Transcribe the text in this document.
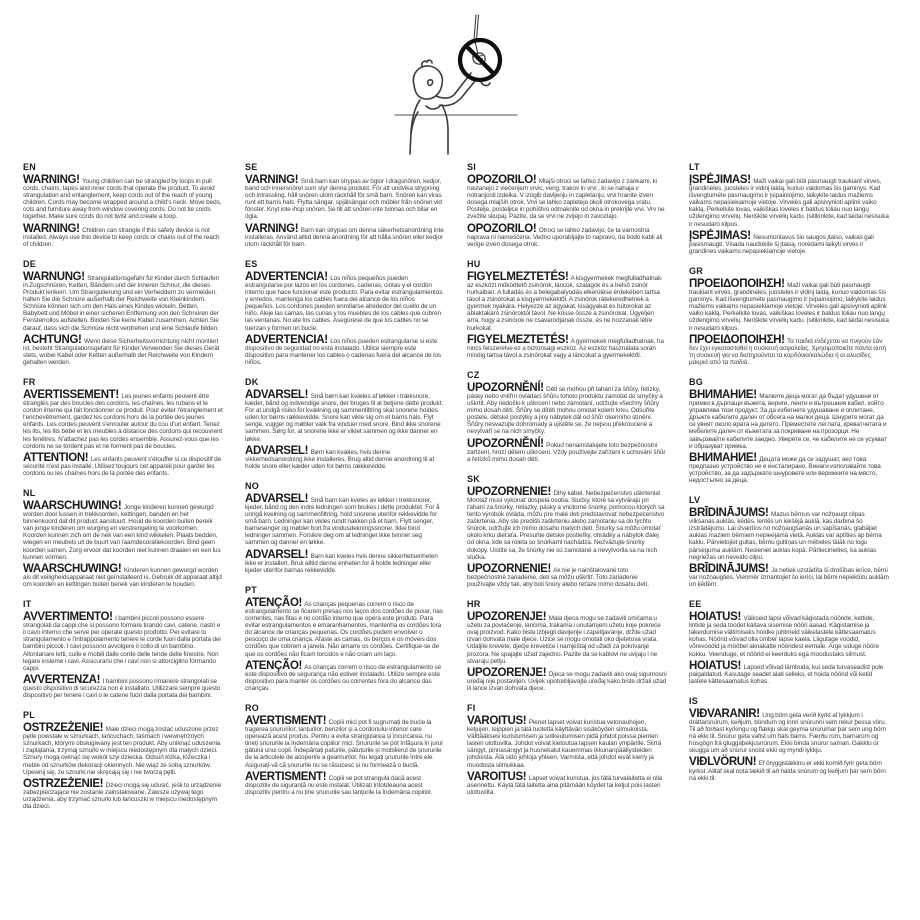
EN

WARNING! Young children can be strangled by loops in pull cords, chains, tapes and inner cords that operate the product. To avoid strangulation and entanglement, keep cords out of the reach of young children. Cords may become wrapped around a child's neck. Move beds, cots and furniture away from window covering cords. Do not tie cords together. Make sure cords do not twist and create a loop.

WARNING! Children can strangle if this safety device is not installed. Always use this device to keep cords or chains out of the reach of children.

DE

WARNUNG! Strangulationsgefahr für Kinder durch Schlaufen in Zugschnüren, Ketten, Bändern und der inneren Schnur, die dieses Produkt lenken!. Um Strangulierung und ein Verheddern zu vermeiden, halten Sie die Schnüre außerhalb der Reichweite von Kleinkindern. Schnüre können sich um den Hals eines Kindes wickeln. Betten, Babybett und Möbel in einer sicheren Entfernung von den Schnüren der Fensterrollos aufstellen. Binden Sie keine Kabel zusammen. Achten Sie darauf, dass sich die Schnüre nicht verdrehen und eine Schlaufe bilden.

ACHTUNG! Wenn diese Sicherheitsvorrichtung nicht montiert ist, besteht Strangulationsgefahr für Kinder.Verwenden Sie dieses Gerät stets, wobei Kabel oder Ketten außerhalb der Reichweite von Kindern gehalten werden.

FR

AVERTISSEMENT! Les jeunes enfants peuvent être étranglés par des boucles des cordons, les chaînes, les rubans et le cordon interne qui fait fonctionner ce produit. Pour éviter l'étranglement et l'enchevêtrement, gardez les cordons hors de la portée des jeunes enfants. Les cordes peuvent s'enrouler autour du cou d'un enfant. Tenez les lits, les lits bébé et les meubles à distance des cordons qui recouvrent les fenêtres. N'attachez pas les cordes ensemble. Assurez-vous que les cordons ne se tordent pas et ne forment pas de boucles.

ATTENTION! Les enfants peuvent s'étouffer si ce dispositif de sécurité n'est pas installé. Utilisez toujours cet appareil pour garder les cordons ou les chaînes hors de la portée des enfants.

NL

WAARSCHUWING! Jonge kinderen kunnen gewurgd worden door lussen in trekkoorden, kettingen, banden en het binnenkoord dat dit product aanstuurt. Houd de koorden buiten bereik van jonge kinderen om wurging en verstrengeling te voorkomen. Koorden kunnen zich om de nek van een kind wikkelen. Plaats bedden, wiegen en meubels uit de buurt van raamdecoratiekoorden. Bind geen koorden samen. Zorg ervoor dat koorden niet kunnen draaien en een lus kunnen vormen.

WAARSCHUWING! Kinderen kunnen gewurgd worden als dit veiligheidsapparaat niet geïnstalleerd is. Gebruik dit apparaat altijd om koorden en kettingen buiten bereik van kinderen te houden.

IT

AVVERTIMENTO! I bambini piccoli possono essere strangolati da cappi che si possono formare tirando cavi, catene, nastri e il cavo interno che serve per operate questo prodotto. Per evitare lo strangolamento e l'intrappolamento tenere le corde fuori dalla portata dei bambini piccoli. I cavi possono avvolgere il collo di un bambino. Allontanare letti, culle e mobili dalle corde delle tende delle finestre. Non legare insieme i cavi. Assicurarsi che i cavi non si attorciglino formando cappi.

AVVERTENZA! I bambini possono rimanere strangolati se questo dispositivo di sicurezza non è installato. Utilizzare sempre questo dispositivo per tenere i cavi o le catene fuori dalla portata dei bambini.

PL

OSTRZEŻENIE! Małe dzieci mogą zostać uduszone przez pętle powstałe w sznurkach, łańcuchach, taśmach i wewnętrznych sznurkach, którymi obsługiwany jest ten produkt. Aby uniknąć uduszenia i zaplątania, trzymaj sznurki w miejscu niedostępnym dla małych dzieci. Sznury mogą owinąć się wokół szyi dziecka. Odsuń łóżka, łóżeczka i meble od sznurków dekoracji okiennych. Nie wiąż ze sobą sznurków. Upewnij się, że sznurki nie skręcają się i nie tworzą pętli.

OSTRZEŻENIE! Dzieci mogą się udusić, jeśli to urządzenie zabezpieczające nie zostanie zainstalowane. Zawsze używaj tego urządzenia, aby trzymać sznurki lub łańcuszki w miejscu niedostępnym dla dzieci.

SE

VARNING! Små barn kan strypas av öglor i dragsnören, kedjor, band och innersnöret som styr denna produkt. För att undvika strypning och intrassling, håll snören utom räckhåll för små barn. Snören kan viras runt ett barns hals. Flytta sängar, spjälsängar och möbler från snören vid fönster. Knyt inte ihop snören. Se till att snören inte tvinnas och bilar en ögla.

VARNING! Barn kan strypas om denna säkerhetsanordning inte installeras. Använd alltid denna anordning för att hålla snören eller kedjor utom räckhåll för barn.

ES

ADVERTENCIA! Los niños pequeños pueden estrangularse por lazos en los cordones, cadenas, cintas y el cordón interno que hace funcionar este producto. Para evitar estrangulamientos y enredos, mantenga los cables fuera del alcance de los niños pequeños. Los cordones pueden enrollarse alrededor del cuello de un niño. Aleje las camas, las cunas y los muebles de los cables que cubren las ventanas. No ate los cables. Asegúrese de que los cables no se tuerzan y formen un bucle.

ADVERTENCIA! Los niños pueden estrangularse si este dispositivo de seguridad no está instalado. Utilice siempre este dispositivo para mantener los cables o cadenas fuera del alcance de los niños.

DK

ADVARSEL! Små børn kan kvæles af løkker i træksnore, kæder, bånd og indvendige snore, der bruges til at betjene dette produkt. For at undgå risiko for kvælning og sammenfiltring skal snorene holdes uden for børns rækkevidde. Snore kan vikle sig om et barns hals. Flyt senge, vugger og møbler væk fra vinduer med snore. Bind ikke snorene sammen. Sørg for, at snorene ikke er viklet sammen og ikke danner en løkke.

ADVARSEL! Børn kan kvæles, hvis denne sikkerhedsanordning ikke installeres. Brug altid denne anordning til at holde snore eller kæder uden for børns rækkevidde.

NO

ADVARSEL! Små barn kan kveles av løkker i trekksnorer, kjeder, bånd og den indre ledningen som brukes i dette produktet. For å unngå kvelning og sammenfiltring, hold snorene utenfor rekkevidde for små barn. Ledninger kan vikles rundt nakken på et barn. Flytt senger, barnesenger og møbler bort fra vindusdekningssnorer. Ikke bind ledninger sammen. Forsikre deg om at ledninger ikke tvinner seg sammen og danner en løkke.

ADVARSEL! Barn kan kveles hvis denne sikkerhetsenheten ikke er installert. Bruk alltid denne enheten for å holde ledninger eller kjeder utenfor barnas rekkevidde.

PT

ATENÇÃO! As crianças pequenas correm o risco de estrangulamento se ficarem presas nos laços dos cordões de puxar, nas correntes, nas fitas e no cordão interno que opera este produto. Para evitar estrangulamentos e emaranhamentos, mantenha os cordões fora do alcance de crianças pequenas. Os cordões podem envolver o pescoço de uma criança. Afaste as camas, os berços e os móveis dos cordões que cobrem a janela. Não amarre os cordões. Certifique-se de que os cordões não ficam torcidos e não criam um laço.

ATENÇÃO! As crianças correm o risco de estrangulamento se este dispositivo de segurança não estiver instalado. Utilize sempre este dispositivo para manter os cordões ou correntes fora do alcance das crianças.

RO

AVERTISMENT! Copiii mici pot fi sugrumați de bucle la tragerea șnururilor, lanțurilor, benzilor și a cordonului interior care operează acest produs. Pentru a evita strangularea și încurcarea, nu țineți șnururile la îndemâna copiilor mici. Șnururile se pot înfășura în jurul gâtului unui copil. Îndepărtați paturile, pătuțurile și mobilierul de șnururile de la articolele de acoperire a geamurilor. Nu legați șnururile între ele. Asigurați-vă că șnururile nu se răsucesc și nu formează o buclă.

AVERTISMENT! Copiii se pot strangula dacă acest dispozitiv de siguranță nu este instalat. Utilizați întotdeauna acest dispozitiv pentru a nu ține șnururile sau lanțurile la îndemâna copiilor.

SI

OPOZORILO! Mlajši otroci se lahko zadavijo z zankami, ki nastanejo z vlečenjem vrvic, verig, trakov in vrvi , ki se nahaja v notranjosti izdelka. V izogib davljenju in zapletanju, vrvi hranite izven dosega mlajših otrok. Vrvi se lahko zapletejo okoli otrokovega vratu. Postelje, posteljice in pohištvo odmaknite od okna in prekrijte vrvi. Vrv ne zvežite skupaj. Pazite, da se vrvi ne zvijejo in zavozlajo.

OPOZORILO! Otroci se lahko zadavijo, če ta varnostna naprava ni nameščena. Vedno uporabljajte to napravo, da bodo kabli ali verige izven dosega otrok.

HU

FIGYELMEZTETÉS! A kisgyermekek megfulladhatnak az eszközt működtető zsinórok, láncok, szalagok és a belső zsinór hurkaiban. A fulladás és a belegabalyodás elkerülése érdekében tartsa távol a zsinórokat a kisgyermekektől. A zsinórok rátekeredhetnek a gyermek nyakára. Helyezze az ágyakat, kiságyakat és bútorokat az ablaktakaró zsinóroktól távol. Ne kösse össze a zsinórokat. Ügyeljen arra, hogy a zsinórok ne csavarodjanak össze, és ne hozzanak létre hurkokat.

FIGYELMEZTETÉS! A gyermekek megfulladhatnak, ha nincs felszerelve ez a biztonsági eszköz. Az eszköz használata során mindig tartsa távol a zsinórokat vagy a láncokat a gyermekektől.

CZ

UPOZORNĚNÍ! Děti se mohou při tahání za šňůry, řetízky, pásky nebo vnitřní ovládací šňůru tohoto produktu zamotat do smyčky a uškrtit. Aby nedošlo k uškrcení nebo zamotání, udržujte všechny šňůry mimo dosah dětí. Šňůry se dítěti mohou omotat kolem krku. Odsuňte postele, dětské postýlky a jiný nábytek dál od šňůr okenního stínění. Šňůry nesvazujte dohromady a ujistěte se, že nejsou překroucené a nevytváří se na nich smyčky.

UPOZORNĚNÍ! Pokud nenainstalujete toto bezpečnostní zařízení, hrozí dětem uškrcení. Vždy používejte zařízení k uchování šňůr a řetízků mimo dosah dětí.

SK

UPOZORNENIE! Dlhý kábel. Nebezpečenstvo uškrtenia! Montáž musí vykonať dospelá osoba. Slučky, ktoré sa vytvárajú pri ťahaní za šnúrky, retiazky, pásky a vnútorné šnúrky, pomocou ktorých sa tento výrobok ovláda, môžu pre malé deti predstavovať nebezpečenstvo zaškrtenia. Aby ste predišli zaškrteniu alebo zamotaniu sa do týchto šnúrok, udržujte ich mimo dosahu malých detí. Šnúrky sa môžu omotať okolo krku dieťaťa. Presuňte detské postieľky, ohrádky a nábytok ďalej od okna, kde sa roleta so šnúrkami nachádza. Nezväzujte šnúrky dokopy. Uistite sa, že šnúrky nie sú zamotané a nevytvorila sa na nich slučka.

UPOZORNENIE! Ak nie je nainštalované toto bezpečnostné zariadenie, deti sa môžu uškrtiť. Toto zariadenie používajte vždy tak, aby boli šnúry alebo reťaze mimo dosahu detí.

HR

UPOZORENJE! Mala djeca mogu se zadaviti omčama u užetu za povlačenje, lancima, trakama i unutarnjem užetu koje pokreće ovaj proizvod. Kako biste izbjegli davljenje i zapetljavanje, držite užad izvan dohvata male djece. Uzice se mogu omotati oko djetetova vrata. Udaljite krevete, dječje krevetiće i namještaj od užadi za pokrivanje prozora. Ne spajajte užad zajedno. Pazite da se kablovi ne uvijaju i ne stvaraju petlju.

UPOZORENJE! Djeca se mogu zadaviti ako ovaj sigurnosni uređaj nije postavljen. Uvijek upotrebljavajte uređaj kako biste držali užad ili lance izvan dohvata djece.

FI

VAROITUS! Pienet lapset voivat kuristua vetonauhojen, ketjujen, teippien ja tätä tuotetta käyttävän sisäköyden silmukoista. Välttääksesi kuristumisen ja sotkeutumisen pidä johdot poissa pienten lasten ulottuvilta. Johdot voivat kietoutua lapsen kaulan ympärille. Siirrä sängyt, pinnasängyt ja huonekalut kauemmas ikkunanpäällysteiden johdoista. Älä sido johtoja yhteen. Varmista, että johdot eivät kierry ja muodosta silmukkaa.

VAROITUS! Lapset voivat kuristua, jos tätä turvalaitetta ei olla asennettu. Käytä tätä laitetta aina pitämään köydet tai ketjut pois lasten ulottuvilta.

LT

ĮSPĖJIMAS! Maži vaikai gali būti pasmaugti traukiant virves, grandinėles, juosteles ir vidinį laidą, kuriuo valdomas šis gaminys. Kad išvengtumėte pasmaugimo ir įsipainiojimo, laikykite laidus mažiems vaikams nepasiekiamoje vietoje. Virvelės gali apsivynioti aplink vaiko kaklą. Perkelkite lovas, vaikiškas loveles ir baldus toliau nuo langų uždengimo virvelių. Neriškite virvelių kartu. Įsitikinkite, kad laidai nesisuka ir nesudaro kilpos.

ĮSPĖJIMAS! Nesumontavus šio saugos įtaiso, vaikas gali pasismaugti. Visada naudokite šį įtaisą, norėdami laikyti virves ir grandines vaikams nepasiekiamoje vietoje.

GR

ΠΡΟΕΙΔΟΠΟΙΗΣΗ! Maži vaikai gali būti pasmaugti traukiant virves, grandinėles, juosteles ir vidinį laidą, kuriuo valdomas šis gaminys. Kad išvengtumėte pasmaugimo ir įsipainiojimo, laikykite laidus mažiems vaikams nepasiekiamoje vietoje. Virvelės gali apsivynioti aplink vaiko kaklą. Perkelkite lovas, vaikiškas loveles ir baldus toliau nuo langų uždengimo virvelių. Neriškite virvelių kartu. Įsitikinkite, kad laidai nesisuka ir nesudaro kilpos.

ΠΡΟΕΙΔΟΠΟΙΗΣΗ! Τα παιδιά ενδέχεται να πνιγούν εάν δεν έχει εγκατασταθεί η συσκευή ασφαλείας. Χρησιμοποιείτε πάντα αυτή τη συσκευή για να διατηρούνται τα κορδόνια/καλώδια ή οι αλυσίδες μακριά από τα παιδιά.

BG

ВНИМАНИЕ! Малките деца могат да бъдат удушени от примки в дърпащи въжета, вериги, ленти и вътрешния кабел, който управлява този продукт. За да избегнете удушаване и оплитане, дръжте кабелите далеч от обсега на малки деца. Шнурите могат да се увият около врата на детето. Преместете леглата, креватчетата и мебелите далеч от въжетата за покриване на прозорци. Не завързвайте кабелите заедно. Уверете се, че кабелите не се усукват и образуват примка.

ВНИМАНИЕ! Децата може да се задушат, ако това предпазно устройство не е инсталирано. Винаги използвайте това устройство, за да задържате шнуровете или верижките на място, недостъпно за деца.

LV

BRĪDINĀJUMS! Mazus bērnus var nožņaugt cilpas vilkšanas auklās, ķēdēs, lentēs un iekšējā auklā, kas darbina šo izstrādājumu. Lai izvairītos no nožņaugšanās un sapīšanās, glabājiet auklas maziem bērniem nepieejamā vietā. Auklas var aptīties ap bērna kaklu. Pārvietojiet gultas, bērnu gultiņas un mēbeles tālāk no logu pārseguma auklām. Nesieniet auklas kopā. Pārliecinieties, ka auklas negriežas un neveido cilpu.

BRĪDINĀJUMS! Ja netiek uzstādīta šī drošības ierīce, bērni var nožņaugties. Vienmēr izmantojiet šo ierīci, lai bērni nepiekļūtu auklām un ķēdēm.

EE

HOIATUS! Väikseid lapsi võivad kägistada nööride, kettide, lintide ja seda toodet käitava sisemise nööri aasad. Kägistamise ja takerdumise vältimiseks hoidke juhtmeid väikelastele kättesaamatus kohas. Nöörid võivad olla ümber lapse kaela. Liigutage voodid, võrevoodid ja mööbel aknakatte nööridest eemale. Ärge siduge nööre kokku. Veenduge, et nöörid ei keerduks ega moodustaks silmust.

HOIATUS! Lapsed võivad lämbuda, kui seda turvaseadist pole paigaldatud. Kasutage seadet alati selleks, et hoida nöörid või ketid lastele kättesaamatus kohas.

IS

VIÐVARANIR! Ung börn geta verið kyrkt af lykkjum í dráttarsnúrum, keðjum, böndum og innri snúrunni sem rekur þessa vöru. Til að forðast kyrkingu og flækju skal geyma snúrurnar þar sem ung börn ná ekki til. Snúrur geta vafist um háls barns. Færðu rúm, barnarúm og húsgögn frá gluggaþekjusnúrum. Ekki binda snúrur saman. Gakktu úr skugga um að snúrur snúist ekki og myndi lykkju.

VIÐLVÖRUN! Ef öryggistækinu er ekki komið fyrir geta börn kyrkst. Alltaf skal nota tækið til að halda snúrum og keðjum þar sem börn ná ekki til.
